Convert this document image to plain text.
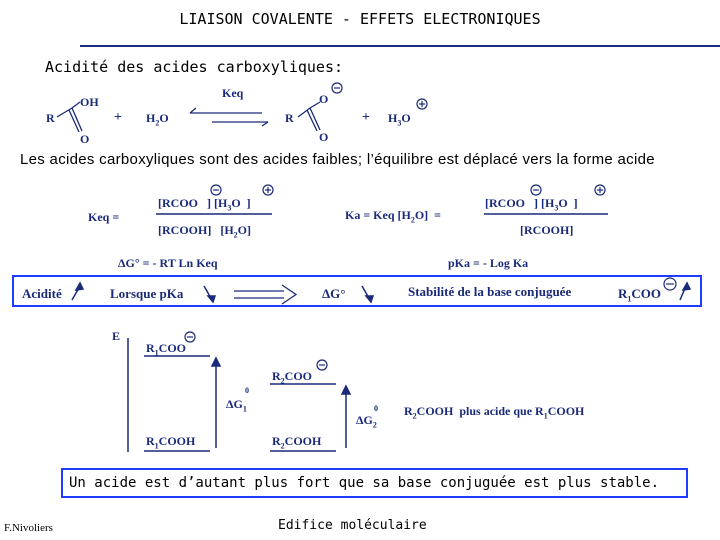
LIAISON COVALENTE - EFFETS ELECTRONIQUES
Acidité des acides carboxyliques:
Keq
OH
R
O
+ $H_2O$	R
O
O
+ $H_3O$
Les acides carboxyliques sont des acides faibles; l’équilibre est déplacé vers la forme acide
Keq =
[RCOO   ] [$H_3O$  ]
[RCOOH]   $[H_2O]$
Ka = Keq $[H_2O]$  =
[RCOO   ] [$H_3O$  ]
[RCOOH]
ΔG° = - RT Ln Keq	pKa = - Log Ka
Acidité	Lorsque pKa	ΔG°	Stabilité de la base conjuguée	$R_1COO$
E
$R_1COO$
$R_2COO$
0
$\Delta G_1$	0
$\Delta G_2$
$R_2COOH$  plus acide que $R_1COOH$
$R_1COOH$	$R_2COOH$
Un acide est d’autant plus fort que sa base conjuguée est plus stable.
F.Nivoliers	Edifice moléculaire
